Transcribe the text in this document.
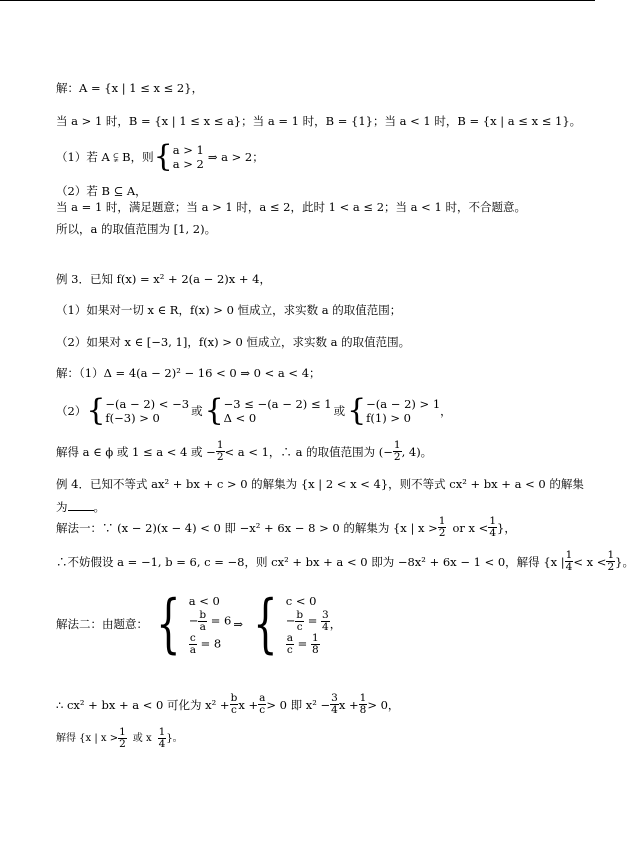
解：A = {x | 1 ≤ x ≤ 2}，
当 a > 1 时，B = {x | 1 ≤ x ≤ a}；当 a = 1 时，B = {1}；当 a < 1 时，B = {x | a ≤ x ≤ 1}。
（1）若 A ⫋ B，则 { a > 1
a > 2 ⇒ a > 2；
（2）若 B ⊆ A，
当 a = 1 时，满足题意；当 a > 1 时，a ≤ 2，此时 1 < a ≤ 2；当 a < 1 时，不合题意。
所以，a 的取值范围为 [1, 2)。
例 3．已知 f(x) = x² + 2(a − 2)x + 4，
（1）如果对一切 x ∈ R，f(x) > 0 恒成立，求实数 a 的取值范围；
（2）如果对 x ∈ [−3, 1]，f(x) > 0 恒成立，求实数 a 的取值范围。
解：（1）Δ = 4(a − 2)² − 16 < 0 ⇒ 0 < a < 4；
（2） { −(a − 2) < −3
f(−3) > 0	或 { −3 ≤ −(a − 2) ≤ 1
Δ < 0	或 { −(a − 2) > 1
f(1) > 0	，
解得 a ∈ ϕ 或 1 ≤ a < 4 或 − $\frac{1}{2} < a < 1$，∴ a 的取值范围为 (− $\frac{1}{2}$ , 4)。
例 4．已知不等式 ax² + bx + c > 0 的解集为 {x | 2 < x < 4}，则不等式 cx² + bx + a < 0 的解集
为 。
解法一：∵ (x − 2)(x − 4) < 0 即 −x² + 6x − 8 > 0 的解集为 {x | $x > \frac{1}{2}$ or $x < \frac{1}{4}$ }，
∴不妨假设 a = −1, b = 6, c = −8，则 cx² + bx + a < 0 即为 −8x² + 6x − 1 < 0，解得 {x | $\frac{1}{4} < x < \frac{1}{2}$ }。
解法二：由题意： { a < 0
− $\frac{b}{a} = 6$
$\frac{c}{a} = 8$
⇒ { c < 0
− $\frac{b}{c} = \frac{3}{4}$
$\frac{a}{c} = \frac{1}{8}$
，
∴ cx² + bx + a < 0 可化为 $x^2 + \frac{b}{c}$ $x + \frac{a}{c} > 0$ 即 $x^2 - \frac{3}{4}$ $x + \frac{1}{8} > 0$，
解得 {x | $x > \frac{1}{2}$ 或 x $\frac{1}{4}$ }。
